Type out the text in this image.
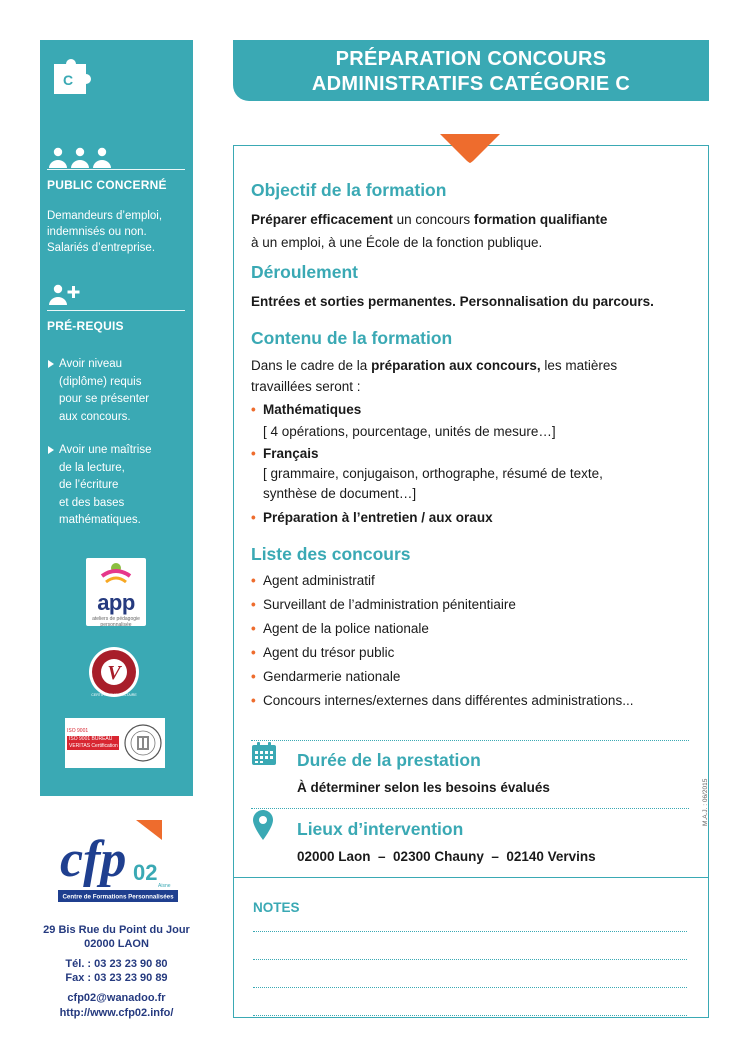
C
PUBLIC CONCERNÉ
Demandeurs d’emploi,
indemnisés ou non.
Salariés d’entreprise.
PRÉ-REQUIS
Avoir niveau
(diplôme) requis
pour se présenter
aux concours.
Avoir une maîtrise
de la lecture,
de l’écriture
et des bases
mathématiques.
app
ateliers de pédagogie personnalisée
V
CERTIFICATION VOLTAIRE
ISO 9001
ISO 9001 BUREAU VERITAS Certification
cfp 02
Aisne
Centre de Formations Personnalisées
29 Bis Rue du Point du Jour
02000 LAON
Tél. : 03 23 23 90 80
Fax : 03 23 23 90 89
cfp02@wanadoo.fr
http://www.cfp02.info/
PRÉPARATION CONCOURS
ADMINISTRATIFS CATÉGORIE C
Objectif de la formation
Préparer efficacement un concours formation qualifiante
à un emploi, à une École de la fonction publique.
Déroulement
Entrées et sorties permanentes. Personnalisation du parcours.
Contenu de la formation
Dans le cadre de la préparation aux concours, les matières
travaillées seront :
• Mathématiques
[ 4 opérations, pourcentage, unités de mesure…]
• Français
[ grammaire, conjugaison, orthographe, résumé de texte,
synthèse de document…]
• Préparation à l’entretien / aux oraux
Liste des concours
• Agent administratif
• Surveillant de l’administration pénitentiaire
• Agent de la police nationale
• Agent du trésor public
• Gendarmerie nationale
• Concours internes/externes dans différentes administrations...
Durée de la prestation
À déterminer selon les besoins évalués
Lieux d’intervention
02000 Laon  –  02300 Chauny  –  02140 Vervins
M.A.J. : 06/2015
NOTES
